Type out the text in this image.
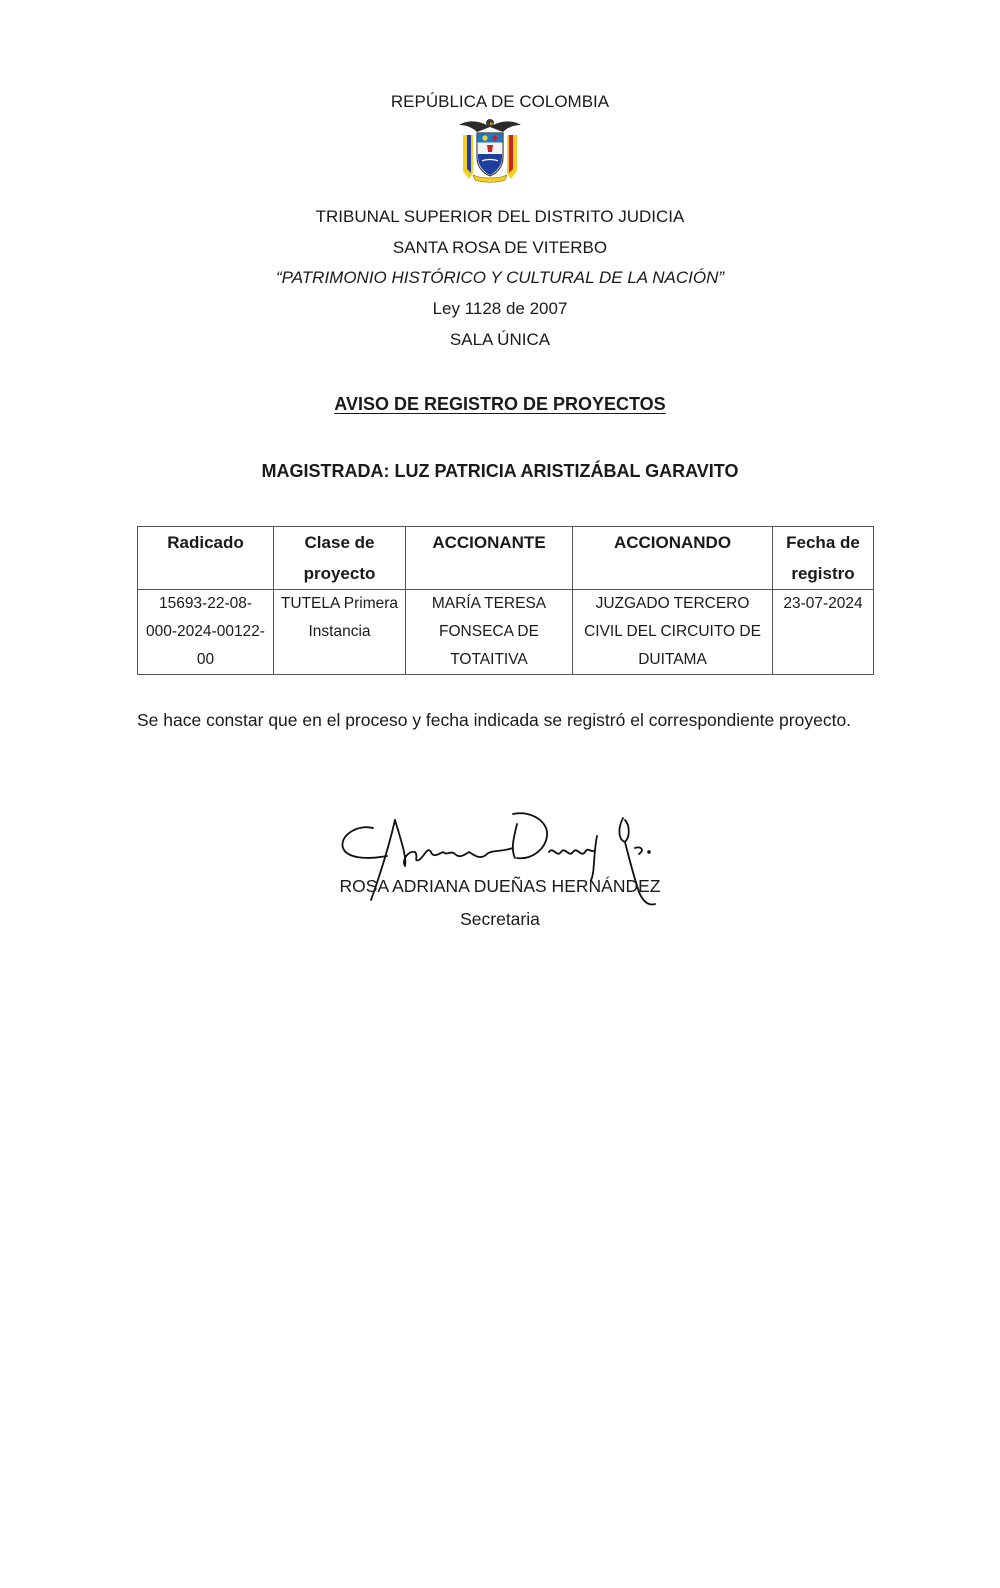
REPÚBLICA DE COLOMBIA
TRIBUNAL SUPERIOR DEL DISTRITO JUDICIA
SANTA ROSA DE VITERBO
“PATRIMONIO HISTÓRICO Y CULTURAL DE LA NACIÓN”
Ley 1128 de 2007
SALA ÚNICA
AVISO DE REGISTRO DE PROYECTOS
MAGISTRADA: LUZ PATRICIA ARISTIZÁBAL GARAVITO
Radicado	Clase de proyecto	ACCIONANTE	ACCIONANDO	Fecha de registro

15693-22-08-000-2024-00122-00	TUTELA Primera Instancia	MARÍA TERESA FONSECA DE TOTAITIVA	JUZGADO TERCERO CIVIL DEL CIRCUITO DE DUITAMA	23-07-2024
Se hace constar que en el proceso y fecha indicada se registró el correspondiente proyecto.
ROSA ADRIANA DUEÑAS HERNÁNDEZ
Secretaria
